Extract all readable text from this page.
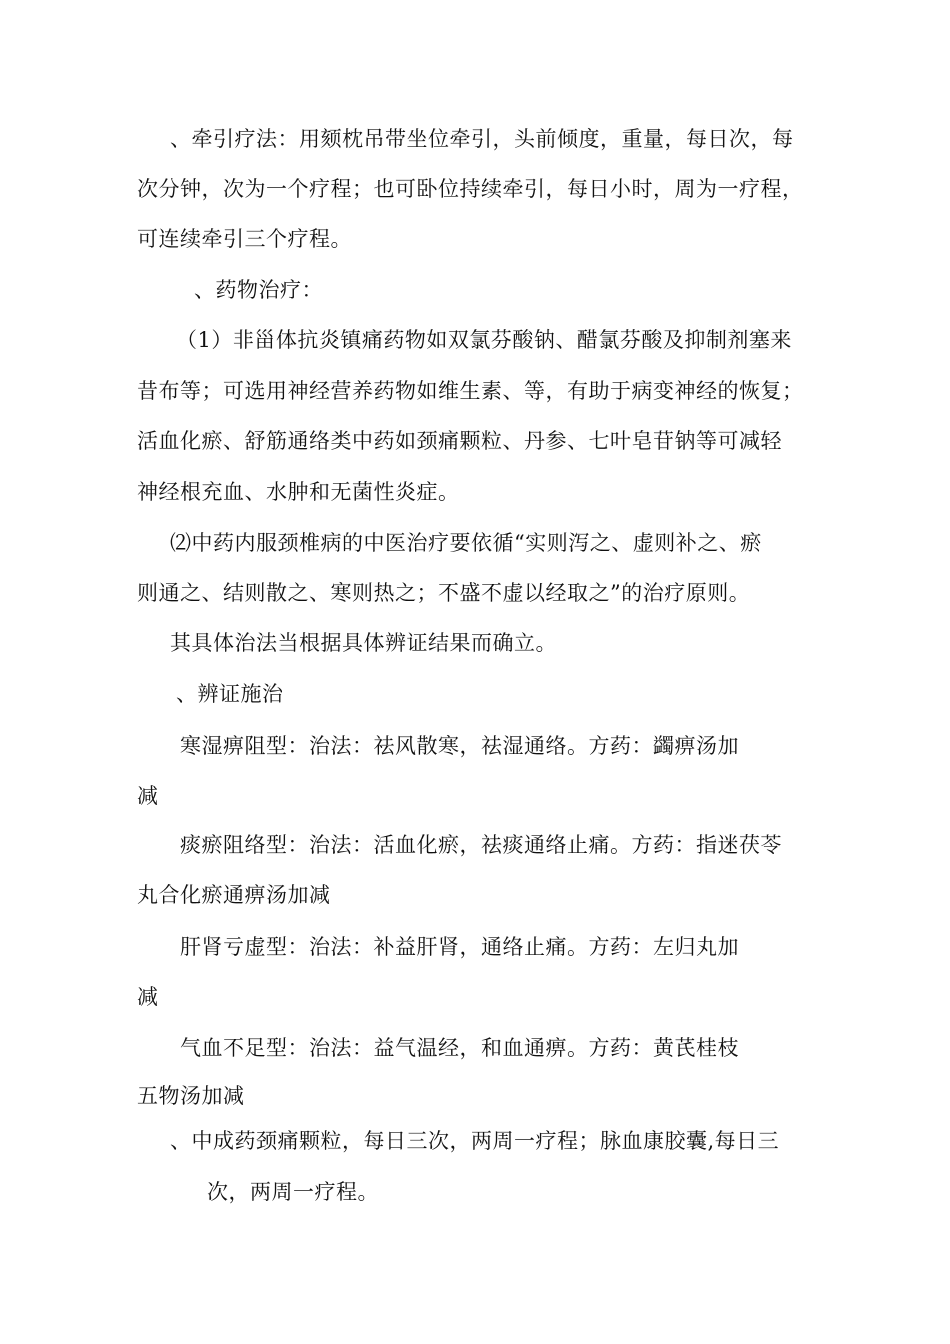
、牵引疗法：用颏枕吊带坐位牵引，头前倾度，重量，每日次，每

次分钟，次为一个疗程；也可卧位持续牵引，每日小时，周为一疗程，

可连续牵引三个疗程。

、药物治疗：

（1）非甾体抗炎镇痛药物如双氯芬酸钠、醋氯芬酸及抑制剂塞来

昔布等；可选用神经营养药物如维生素、等，有助于病变神经的恢复；

活血化瘀、舒筋通络类中药如颈痛颗粒、丹参、七叶皂苷钠等可减轻

神经根充血、水肿和无菌性炎症。

⑵中药内服颈椎病的中医治疗要依循“实则泻之、虚则补之、瘀

则通之、结则散之、寒则热之；不盛不虚以经取之”的治疗原则。

其具体治法当根据具体辨证结果而确立。

、辨证施治

寒湿痹阻型：治法：祛风散寒，祛湿通络。方药：蠲痹汤加

减

痰瘀阻络型：治法：活血化瘀，祛痰通络止痛。方药：指迷茯苓

丸合化瘀通痹汤加减

肝肾亏虚型：治法：补益肝肾，通络止痛。方药：左归丸加

减

气血不足型：治法：益气温经，和血通痹。方药：黄芪桂枝

五物汤加减

、中成药颈痛颗粒，每日三次，两周一疗程；脉血康胶囊,每日三

次，两周一疗程。
